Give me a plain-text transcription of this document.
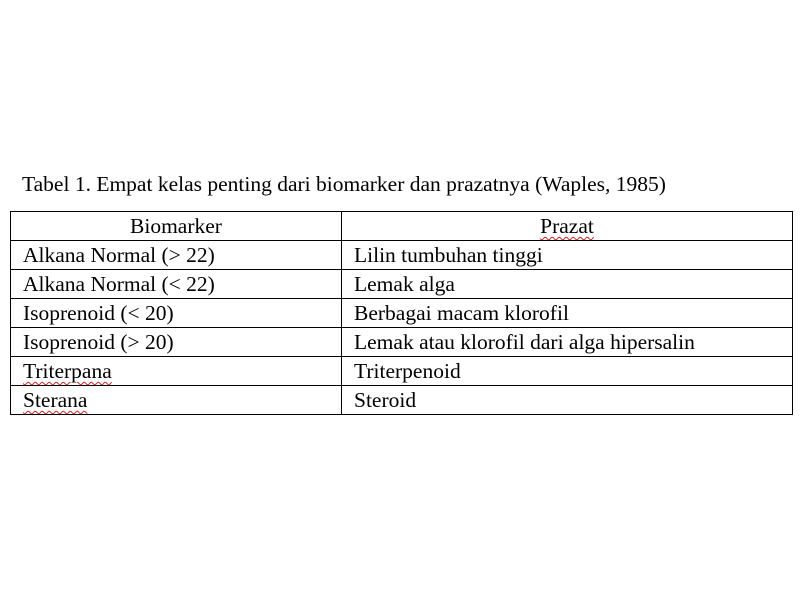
Tabel 1. Empat kelas penting dari biomarker dan prazatnya (Waples, 1985)
Biomarker	Prazat
Alkana Normal (> 22)	Lilin tumbuhan tinggi
Alkana Normal (< 22)	Lemak alga
Isoprenoid (< 20)	Berbagai macam klorofil
Isoprenoid (> 20)	Lemak atau klorofil dari alga hipersalin
Triterpana	Triterpenoid
Sterana	Steroid
